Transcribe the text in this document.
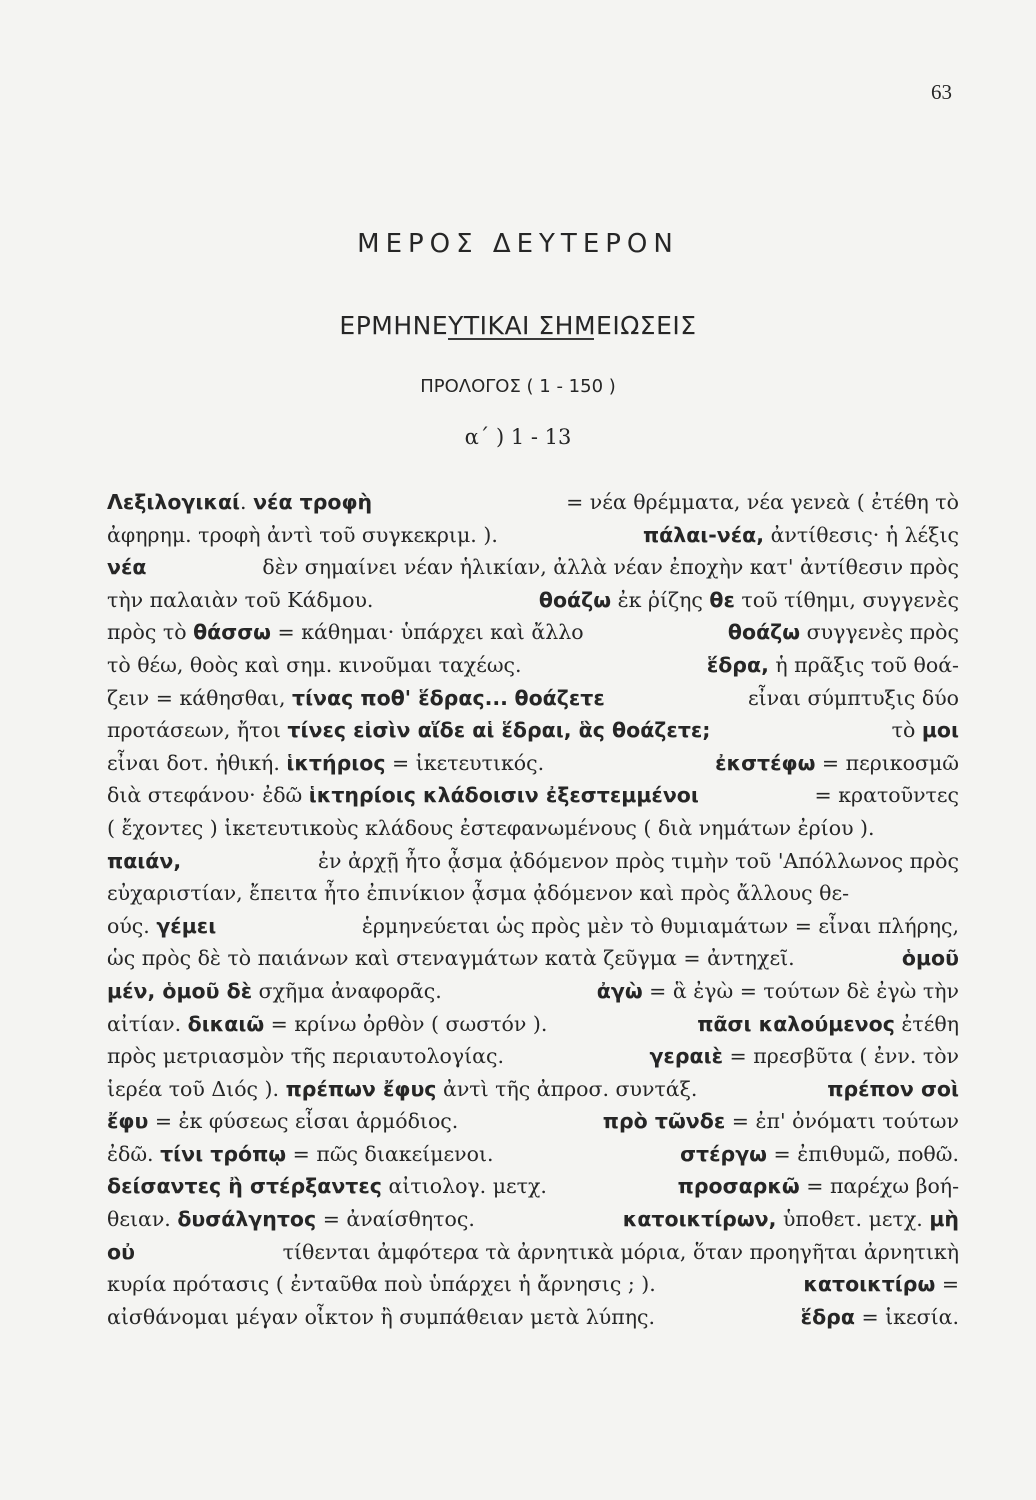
63
ΜΕΡΟΣ ΔΕΥΤΕΡΟΝ
ΕΡΜΗΝΕΥΤΙΚΑΙ ΣΗΜΕΙΩΣΕΙΣ
ΠΡΟΛΟΓΟΣ ( 1 - 150 )
α΄ ) 1 - 13
Λεξιλογικαί. νέα τροφὴ	= νέα θρέμματα, νέα γενεὰ ( ἐτέθη τὸ
ἀφηρημ. τροφὴ ἀντὶ τοῦ συγκεκριμ. ).	πάλαι-νέα, ἀντίθεσις· ἡ λέξις
νέα	δὲν σημαίνει νέαν ἡλικίαν, ἀλλὰ νέαν ἐποχὴν κατ' ἀντίθεσιν πρὸς
τὴν παλαιὰν τοῦ Κάδμου.	θοάζω ἐκ ῥίζης θε τοῦ τίθημι, συγγενὲς
πρὸς τὸ θάσσω = κάθημαι· ὑπάρχει καὶ ἄλλο	θοάζω συγγενὲς πρὸς
τὸ θέω, θοὸς καὶ σημ. κινοῦμαι ταχέως.	ἕδρα, ἡ πρᾶξις τοῦ θοά-
ζειν = κάθησθαι, τίνας ποθ' ἕδρας... θοάζετε	εἶναι σύμπτυξις δύο
προτάσεων, ἤτοι τίνες εἰσὶν αἵδε αἱ ἕδραι, ἃς θοάζετε;	τὸ μοι
εἶναι δοτ. ἠθική. ἱκτήριος = ἱκετευτικός.	ἐκστέφω = περικοσμῶ
διὰ στεφάνου· ἐδῶ ἱκτηρίοις κλάδοισιν ἐξεστεμμένοι	= κρατοῦντες
( ἔχοντες ) ἱκετευτικοὺς κλάδους ἐστεφανωμένους ( διὰ νημάτων ἐρίου ).
παιάν,	ἐν ἀρχῇ ἦτο ᾆσμα ᾀδόμενον πρὸς τιμὴν τοῦ 'Απόλλωνος πρὸς
εὐχαριστίαν, ἔπειτα ἦτο ἐπινίκιον ᾆσμα ᾀδόμενον καὶ πρὸς ἄλλους θε-
ούς. γέμει	ἑρμηνεύεται ὡς πρὸς μὲν τὸ θυμιαμάτων = εἶναι πλήρης,
ὡς πρὸς δὲ τὸ παιάνων καὶ στεναγμάτων κατὰ ζεῦγμα = ἀντηχεῖ.	ὁμοῦ
μέν, ὁμοῦ δὲ σχῆμα ἀναφορᾶς.	ἀγὼ = ἃ ἐγὼ = τούτων δὲ ἐγὼ τὴν
αἰτίαν. δικαιῶ = κρίνω ὀρθὸν ( σωστόν ).	πᾶσι καλούμενος ἐτέθη
πρὸς μετριασμὸν τῆς περιαυτολογίας.	γεραιὲ = πρεσβῦτα ( ἐνν. τὸν
ἱερέα τοῦ Διός ). πρέπων ἔφυς ἀντὶ τῆς ἀπροσ. συντάξ.	πρέπον σοὶ
ἔφυ = ἐκ φύσεως εἶσαι ἁρμόδιος.	πρὸ τῶνδε = ἐπ' ὀνόματι τούτων
ἐδῶ. τίνι τρόπῳ = πῶς διακείμενοι.	στέργω = ἐπιθυμῶ, ποθῶ.
δείσαντες ἢ στέρξαντες αἰτιολογ. μετχ.	προσαρκῶ = παρέχω βοή-
θειαν. δυσάλγητος = ἀναίσθητος.	κατοικτίρων, ὑποθετ. μετχ. μὴ
οὐ	τίθενται ἀμφότερα τὰ ἀρνητικὰ μόρια, ὅταν προηγῆται ἀρνητικὴ
κυρία πρότασις ( ἐνταῦθα ποὺ ὑπάρχει ἡ ἄρνησις ; ).	κατοικτίρω =
αἰσθάνομαι μέγαν οἶκτον ἢ συμπάθειαν μετὰ λύπης.	ἕδρα = ἱκεσία.
